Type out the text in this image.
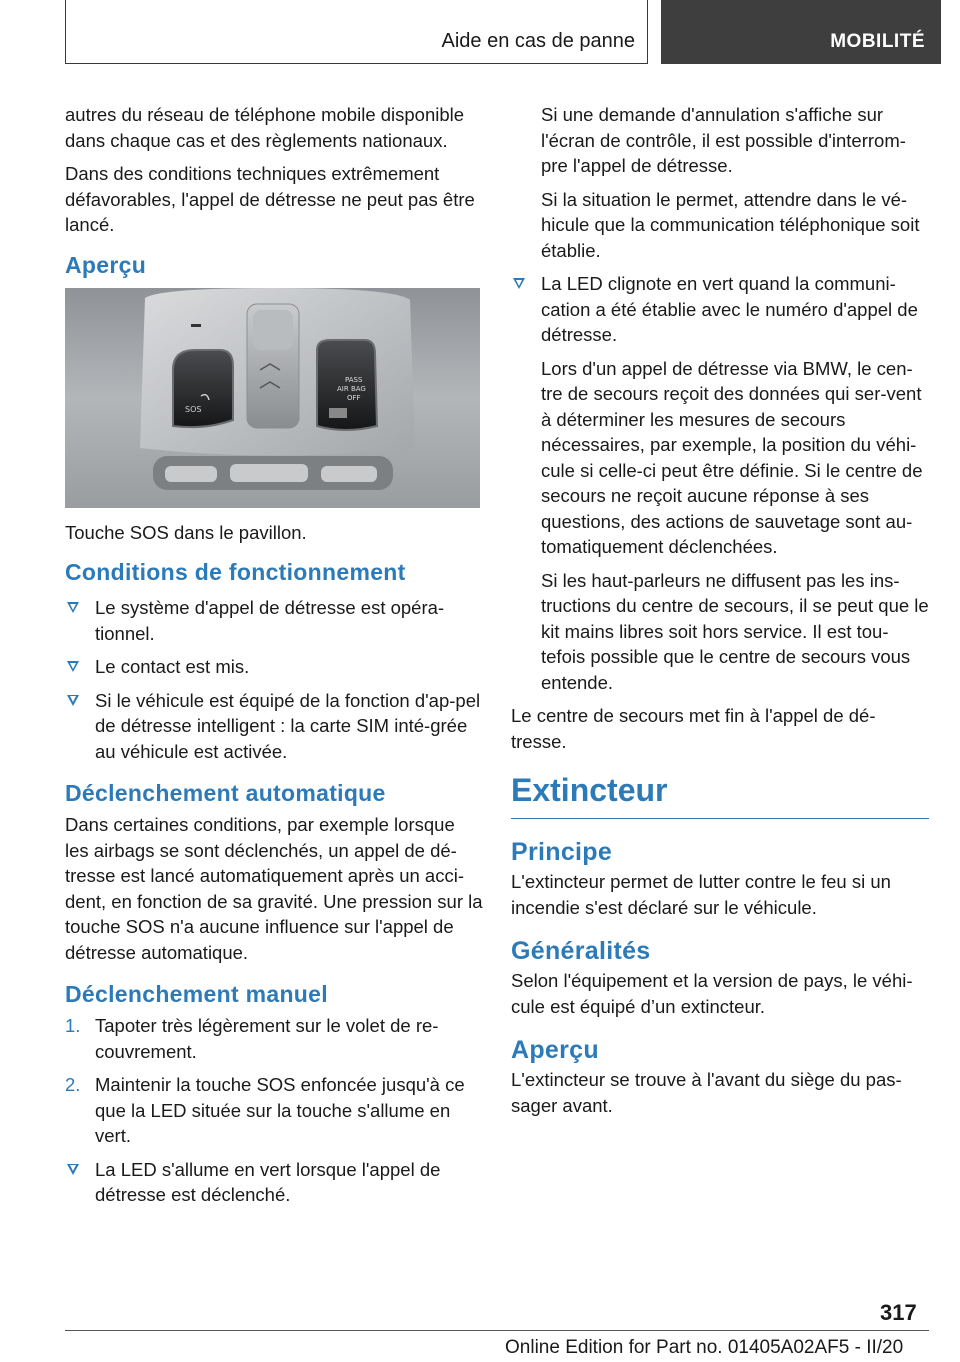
Aide en cas de panne	MOBILITÉ

autres du réseau de téléphone mobile disponible dans chaque cas et des règlements nationaux.

Dans des conditions techniques extrêmement défavorables, l'appel de détresse ne peut pas être lancé.

Aperçu
SOS
PASS
AIR BAG
OFF
Touche SOS dans le pavillon.
Conditions de fonctionnement
Le système d'appel de détresse est opéra-tionnel.
Le contact est mis.
Si le véhicule est équipé de la fonction d'ap-pel de détresse intelligent : la carte SIM inté-grée au véhicule est activée.
Déclenchement automatique

Dans certaines conditions, par exemple lorsque les airbags se sont déclenchés, un appel de dé-tresse est lancé automatiquement après un acci-dent, en fonction de sa gravité. Une pression sur la touche SOS n'a aucune influence sur l'appel de détresse automatique.

Déclenchement manuel
1. Tapoter très légèrement sur le volet de re-couvrement.
2. Maintenir la touche SOS enfoncée jusqu'à ce que la LED située sur la touche s'allume en vert.
La LED s'allume en vert lorsque l'appel de détresse est déclenché.
Si une demande d'annulation s'affiche sur l'écran de contrôle, il est possible d'interrom-pre l'appel de détresse.
Si la situation le permet, attendre dans le vé-hicule que la communication téléphonique soit établie.
La LED clignote en vert quand la communi-cation a été établie avec le numéro d'appel de détresse.
Lors d'un appel de détresse via BMW, le cen-tre de secours reçoit des données qui ser-vent à déterminer les mesures de secours nécessaires, par exemple, la position du véhi-cule si celle-ci peut être définie. Si le centre de secours ne reçoit aucune réponse à ses questions, des actions de sauvetage sont au-tomatiquement déclenchées.
Si les haut-parleurs ne diffusent pas les ins-tructions du centre de secours, il se peut que le kit mains libres soit hors service. Il est tou-tefois possible que le centre de secours vous entende.

Le centre de secours met fin à l'appel de dé-tresse.

Extincteur
Principe

L'extincteur permet de lutter contre le feu si un incendie s'est déclaré sur le véhicule.

Généralités

Selon l'équipement et la version de pays, le véhi-cule est équipé d’un extincteur.

Aperçu

L'extincteur se trouve à l'avant du siège du pas-sager avant.

317
Online Edition for Part no. 01405A02AF5 - II/20
